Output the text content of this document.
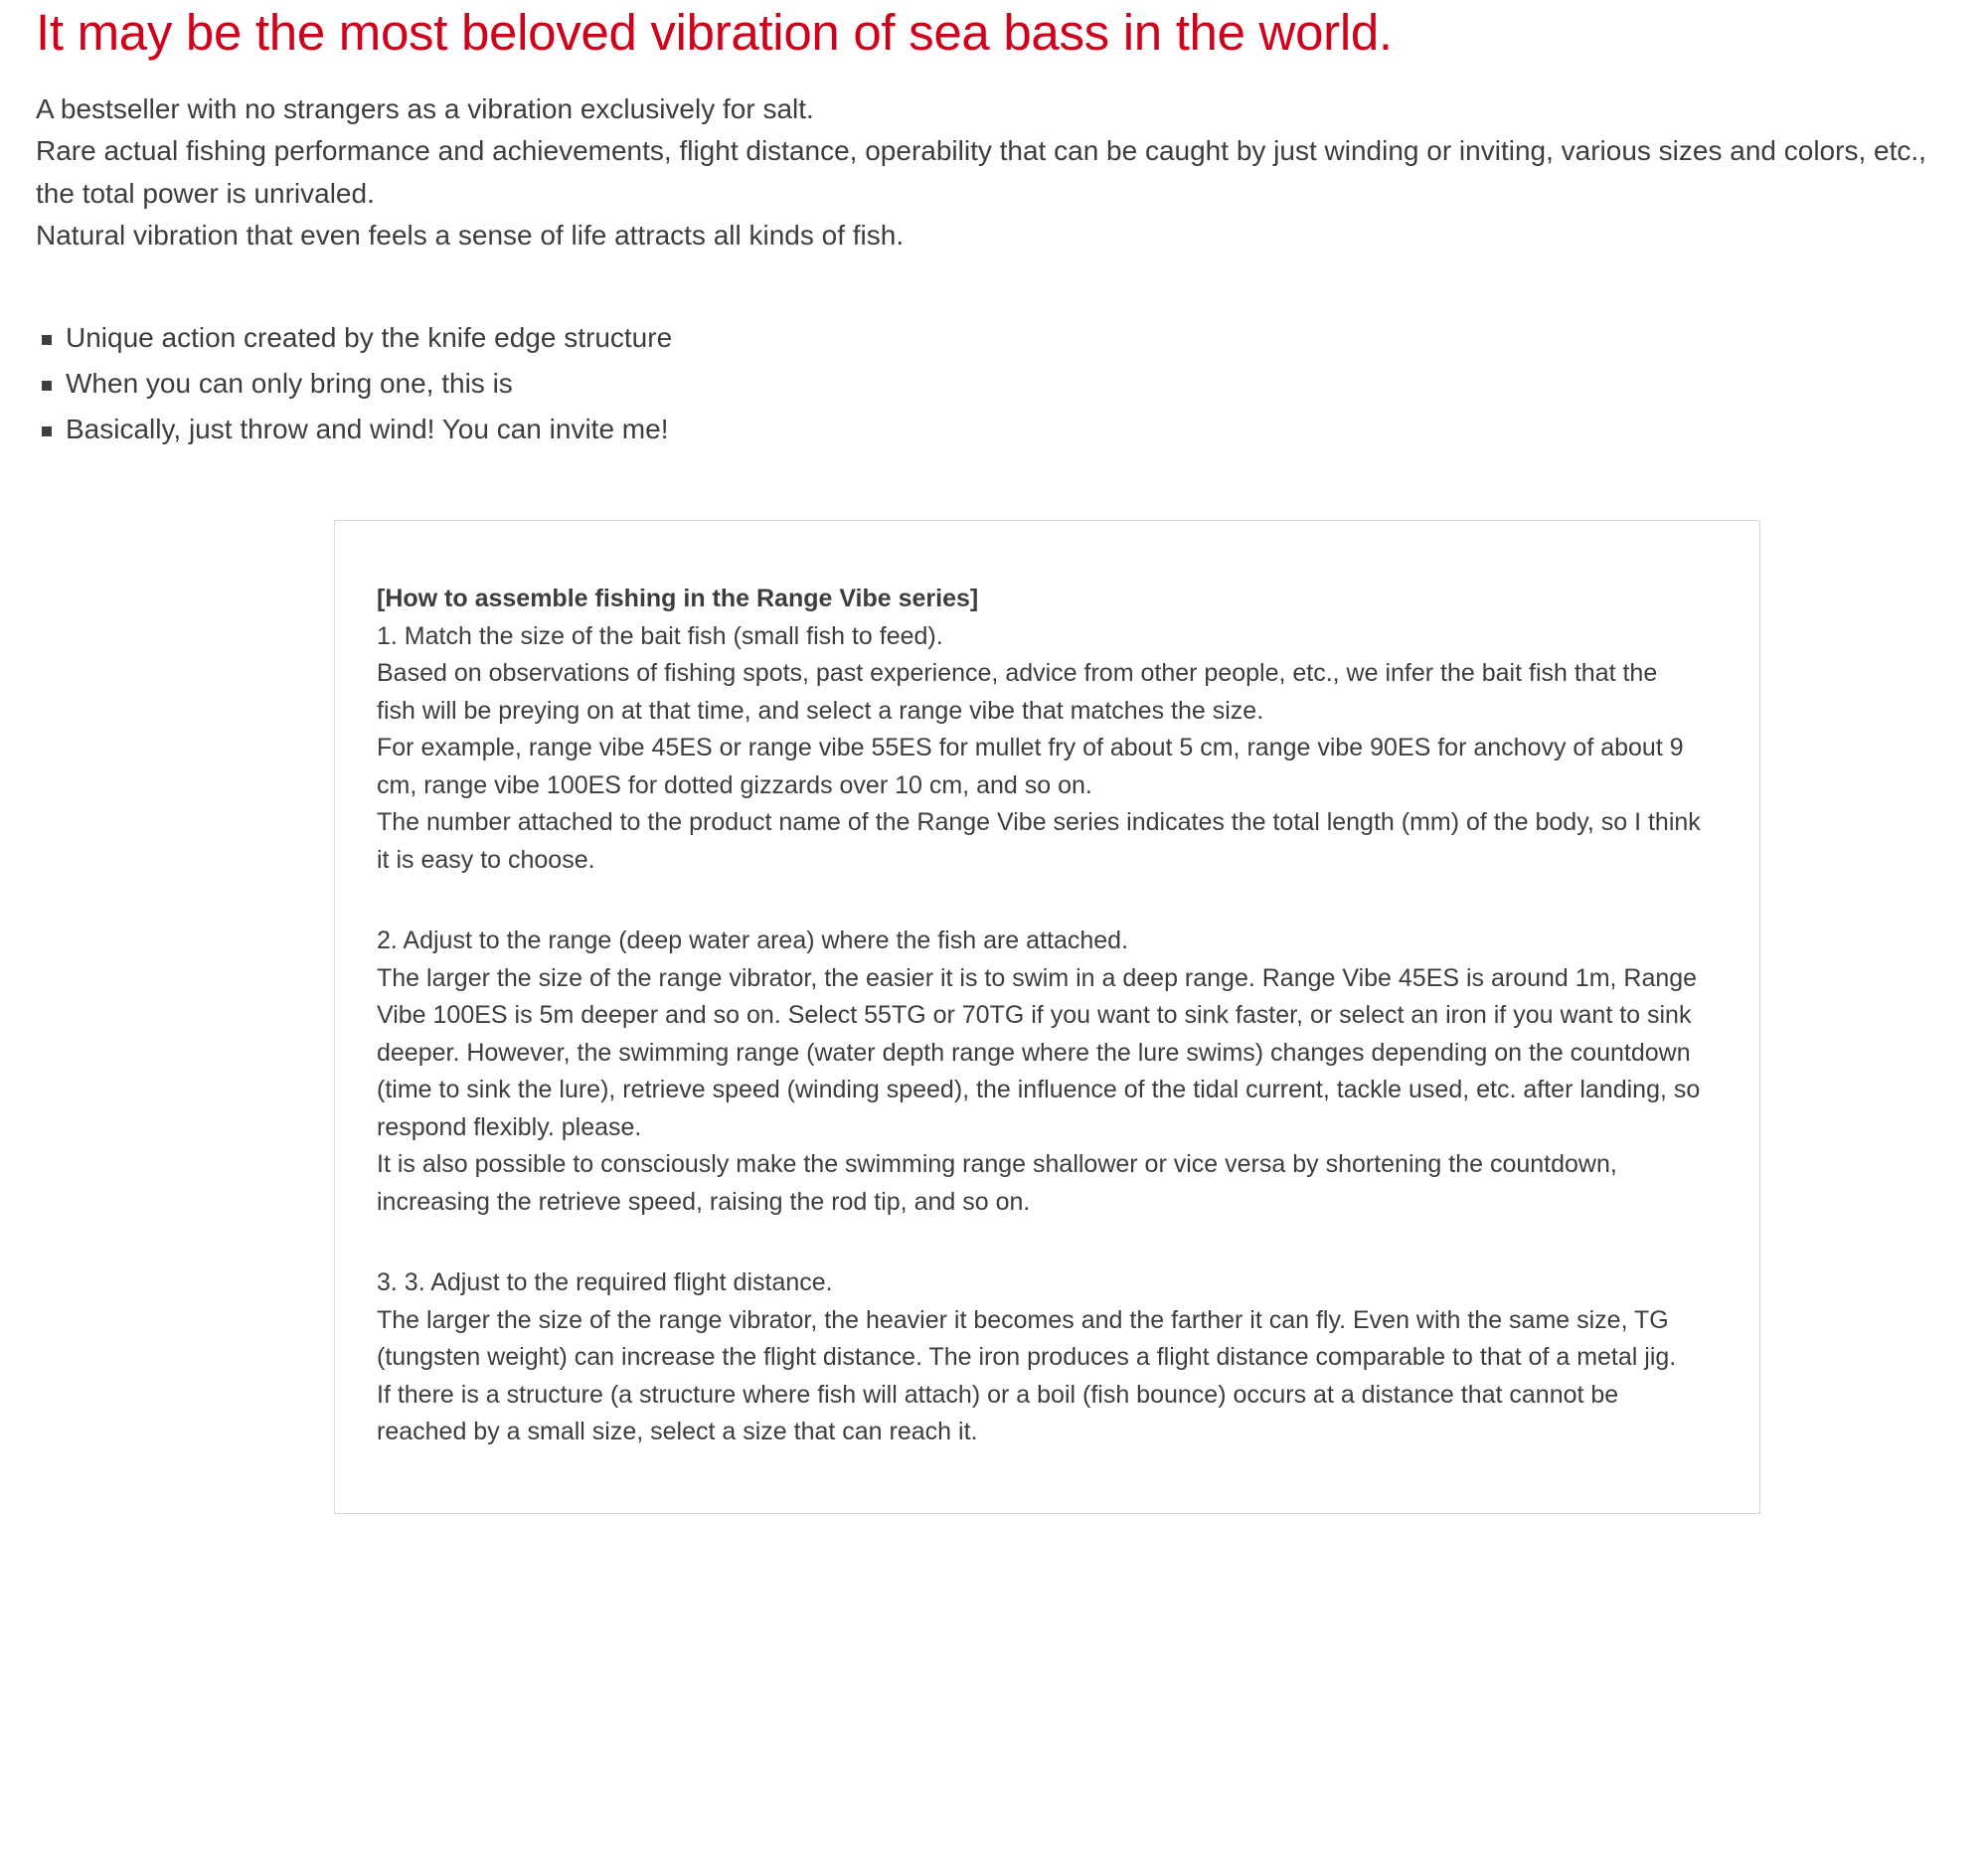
It may be the most beloved vibration of sea bass in the world.

A bestseller with no strangers as a vibration exclusively for salt.

Rare actual fishing performance and achievements, flight distance, operability that can be caught by just winding or inviting, various sizes and colors, etc., the total power is unrivaled.

Natural vibration that even feels a sense of life attracts all kinds of fish.

Unique action created by the knife edge structure
When you can only bring one, this is
Basically, just throw and wind! You can invite me!

[How to assemble fishing in the Range Vibe series]

1. Match the size of the bait fish (small fish to feed).

Based on observations of fishing spots, past experience, advice from other people, etc., we infer the bait fish that the fish will be preying on at that time, and select a range vibe that matches the size.

For example, range vibe 45ES or range vibe 55ES for mullet fry of about 5 cm, range vibe 90ES for anchovy of about 9 cm, range vibe 100ES for dotted gizzards over 10 cm, and so on.

The number attached to the product name of the Range Vibe series indicates the total length (mm) of the body, so I think it is easy to choose.

2. Adjust to the range (deep water area) where the fish are attached.

The larger the size of the range vibrator, the easier it is to swim in a deep range. Range Vibe 45ES is around 1m, Range Vibe 100ES is 5m deeper and so on. Select 55TG or 70TG if you want to sink faster, or select an iron if you want to sink deeper. However, the swimming range (water depth range where the lure swims) changes depending on the countdown (time to sink the lure), retrieve speed (winding speed), the influence of the tidal current, tackle used, etc. after landing, so respond flexibly. please.

It is also possible to consciously make the swimming range shallower or vice versa by shortening the countdown, increasing the retrieve speed, raising the rod tip, and so on.

3. 3. Adjust to the required flight distance.

The larger the size of the range vibrator, the heavier it becomes and the farther it can fly. Even with the same size, TG (tungsten weight) can increase the flight distance. The iron produces a flight distance comparable to that of a metal jig.

If there is a structure (a structure where fish will attach) or a boil (fish bounce) occurs at a distance that cannot be reached by a small size, select a size that can reach it.
